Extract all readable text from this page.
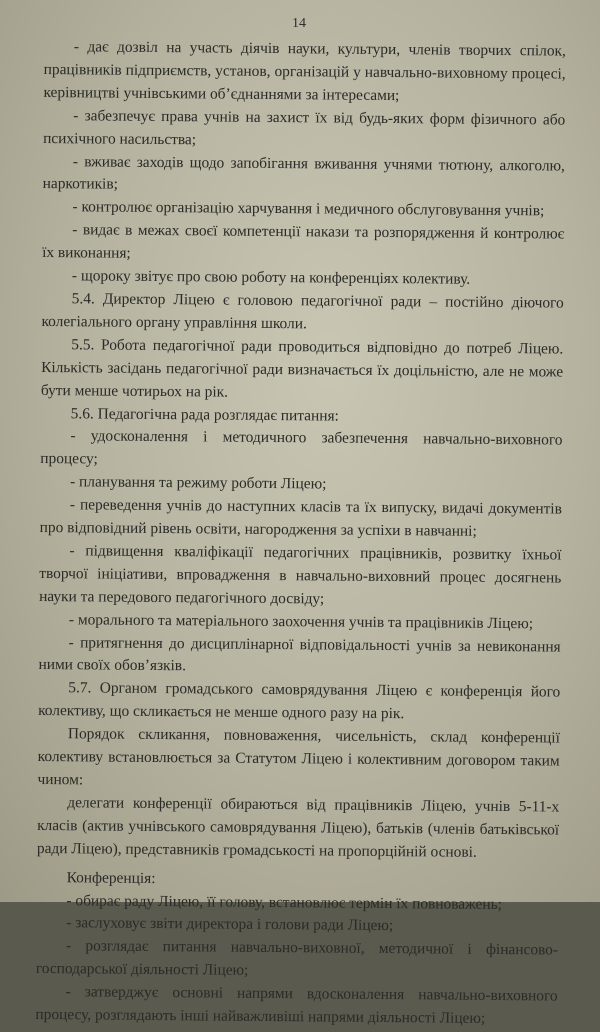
14

- дає дозвіл на участь діячів науки, культури, членів творчих спілок, працівників підприємств, установ, організацій у навчально-виховному процесі, керівництві учнівськими об’єднаннями за інтересами;

- забезпечує права учнів на захист їх від будь-яких форм фізичного або психічного насильства;

- вживає заходів щодо запобігання вживання учнями тютюну, алкоголю, наркотиків;

- контролює організацію харчування і медичного обслуговування учнів;

- видає в межах своєї компетенції накази та розпорядження й контролює їх виконання;

- щороку звітує про свою роботу на конференціях колективу.

5.4. Директор Ліцею є головою педагогічної ради – постійно діючого колегіального органу управління школи.

5.5. Робота педагогічної ради проводиться відповідно до потреб Ліцею. Кількість засідань педагогічної ради визначається їх доцільністю, але не може бути менше чотирьох на рік.

5.6. Педагогічна рада розглядає питання:

- удосконалення і методичного забезпечення навчально-виховного процесу;

- планування та режиму роботи Ліцею;

- переведення учнів до наступних класів та їх випуску, видачі документів про відповідний рівень освіти, нагородження за успіхи в навчанні;

- підвищення кваліфікації педагогічних працівників, розвитку їхньої творчої ініціативи, впровадження в навчально-виховний процес досягнень науки та передового педагогічного досвіду;

- морального та матеріального заохочення учнів та працівників Ліцею;

- притягнення до дисциплінарної відповідальності учнів за невиконання ними своїх обов’язків.

5.7. Органом громадського самоврядування Ліцею є конференція його колективу, що скликається не менше одного разу на рік.

Порядок скликання, повноваження, чисельність, склад конференції колективу встановлюється за Статутом Ліцею і колективним договором таким чином:

делегати конференції обираються від працівників Ліцею, учнів 5-11-х класів (актив учнівського самоврядування Ліцею), батьків (членів батьківської ради Ліцею), представників громадськості на пропорційній основі.

Конференція:

- обирає раду Ліцею, її голову, встановлює термін їх повноважень;

- заслуховує звіти директора і голови ради Ліцею;

- розглядає питання навчально-виховної, методичної і фінансово-господарської діяльності Ліцею;

- затверджує основні напрями вдосконалення навчально-виховного процесу, розглядають інші найважливіші напрями діяльності Ліцею;
